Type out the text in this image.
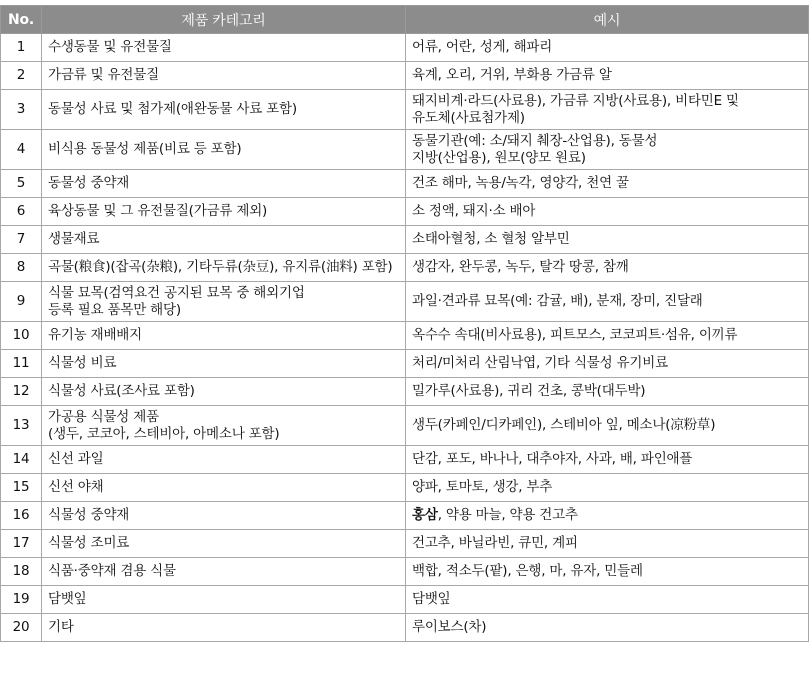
No.	제품 카테고리	예시
1	수생동물 및 유전물질	어류, 어란, 성게, 해파리

2	가금류 및 유전물질	육계, 오리, 거위, 부화용 가금류 알

3	동물성 사료 및 첨가제(애완동물 사료 포함)	돼지비계·라드(사료용), 가금류 지방(사료용), 비타민E 및
유도체(사료첨가제)

4	비식용 동물성 제품(비료 등 포함)	동물기관(예: 소/돼지 췌장-산업용), 동물성
지방(산업용), 원모(양모 원료)

5	동물성 중약재	건조 해마, 녹용/녹각, 영양각, 천연 꿀

6	육상동물 및 그 유전물질(가금류 제외)	소 정액, 돼지·소 배아

7	생물재료	소태아혈청, 소 혈청 알부민

8	곡물(粮食)(잡곡(杂粮), 기타두류(杂豆), 유지류(油料) 포함)	생감자, 완두콩, 녹두, 탈각 땅콩, 참깨

9	식물 묘목(검역요건 공지된 묘목 중 해외기업
등록 필요 품목만 해당)	과일·견과류 묘목(예: 감귤, 배), 분재, 장미, 진달래

10	유기농 재배배지	옥수수 속대(비사료용), 피트모스, 코코피트·섬유, 이끼류

11	식물성 비료	처리/미처리 산림낙엽, 기타 식물성 유기비료

12	식물성 사료(조사료 포함)	밀가루(사료용), 귀리 건초, 콩박(대두박)

13	가공용 식물성 제품
(생두, 코코아, 스테비아, 아메소나 포함)	생두(카페인/디카페인), 스테비아 잎, 메소나(凉粉草)

14	신선 과일	단감, 포도, 바나나, 대추야자, 사과, 배, 파인애플

15	신선 야채	양파, 토마토, 생강, 부추

16	식물성 중약재	홍삼, 약용 마늘, 약용 건고추

17	식물성 조미료	건고추, 바닐라빈, 큐민, 계피

18	식품·중약재 겸용 식물	백합, 적소두(팥), 은행, 마, 유자, 민들레

19	담뱃잎	담뱃잎

20	기타	루이보스(차)
